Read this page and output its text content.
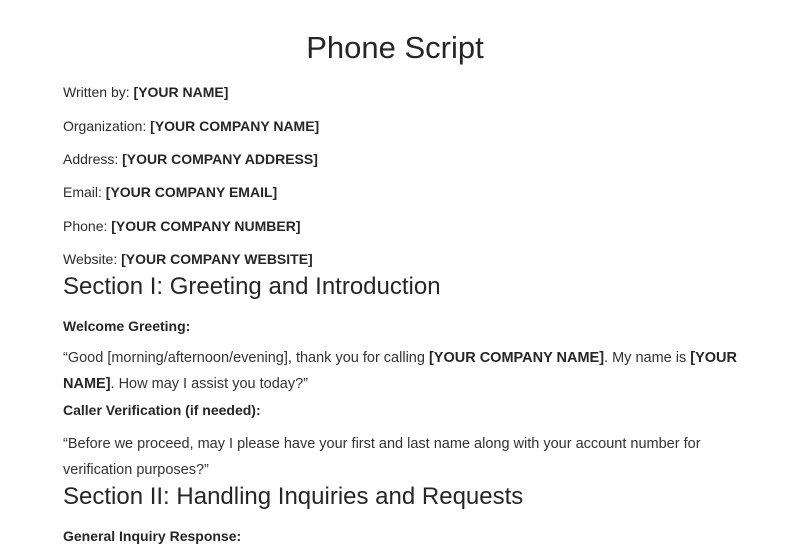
Phone Script
Written by: [YOUR NAME]
Organization: [YOUR COMPANY NAME]
Address: [YOUR COMPANY ADDRESS]
Email: [YOUR COMPANY EMAIL]
Phone: [YOUR COMPANY NUMBER]
Website: [YOUR COMPANY WEBSITE]
Section I: Greeting and Introduction
Welcome Greeting:
“Good [morning/afternoon/evening], thank you for calling [YOUR COMPANY NAME]. My name is [YOUR NAME]. How may I assist you today?”
Caller Verification (if needed):
“Before we proceed, may I please have your first and last name along with your account number for verification purposes?”
Section II: Handling Inquiries and Requests
General Inquiry Response:
